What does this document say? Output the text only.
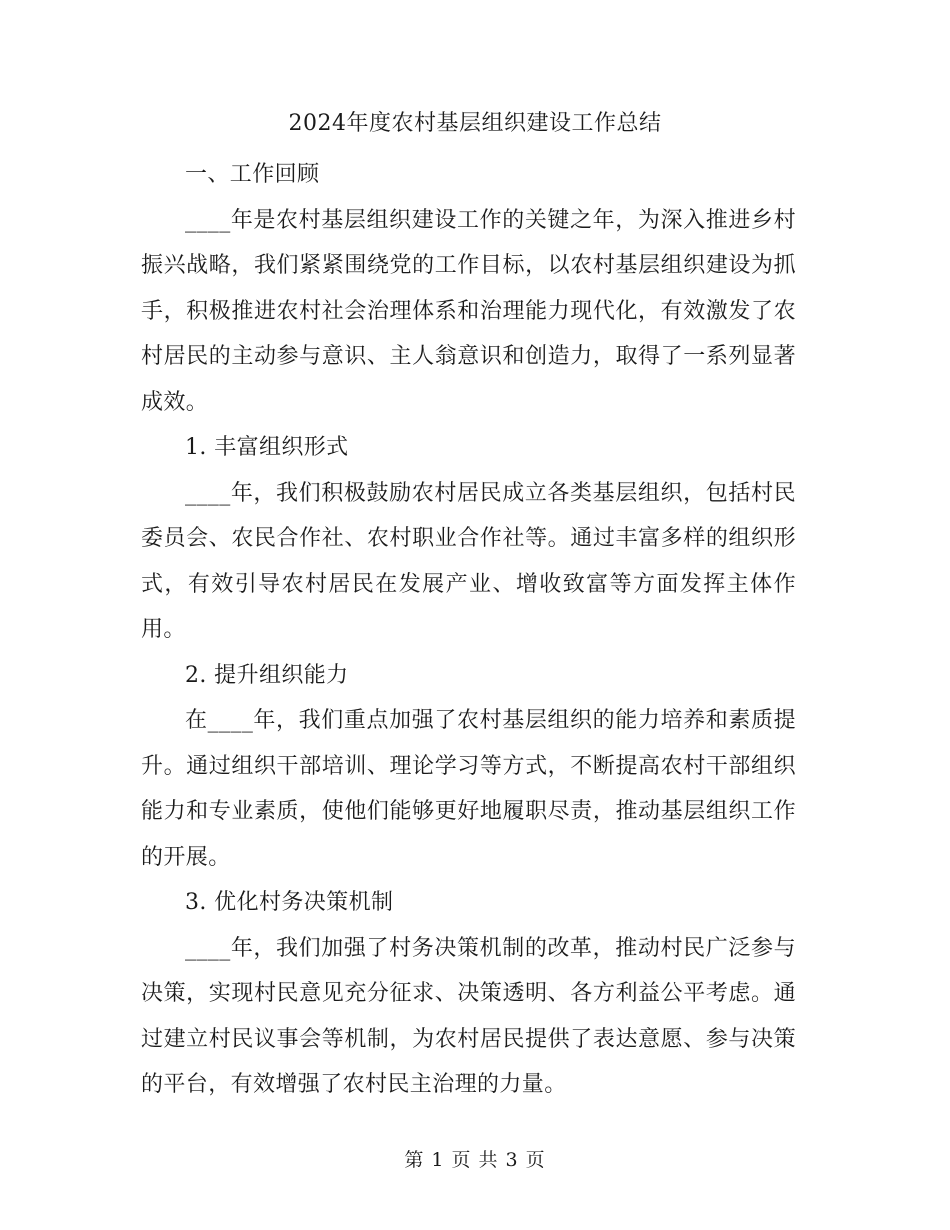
2024年度农村基层组织建设工作总结

一、工作回顾

____年是农村基层组织建设工作的关键之年，为深入推进乡村振兴战略，我们紧紧围绕党的工作目标，以农村基层组织建设为抓手，积极推进农村社会治理体系和治理能力现代化，有效激发了农村居民的主动参与意识、主人翁意识和创造力，取得了一系列显著成效。

1. 丰富组织形式

____年，我们积极鼓励农村居民成立各类基层组织，包括村民委员会、农民合作社、农村职业合作社等。通过丰富多样的组织形式，有效引导农村居民在发展产业、增收致富等方面发挥主体作用。

2. 提升组织能力

在____年，我们重点加强了农村基层组织的能力培养和素质提升。通过组织干部培训、理论学习等方式，不断提高农村干部组织能力和专业素质，使他们能够更好地履职尽责，推动基层组织工作的开展。

3. 优化村务决策机制

____年，我们加强了村务决策机制的改革，推动村民广泛参与决策，实现村民意见充分征求、决策透明、各方利益公平考虑。通过建立村民议事会等机制，为农村居民提供了表达意愿、参与决策的平台，有效增强了农村民主治理的力量。

第 1 页 共 3 页
